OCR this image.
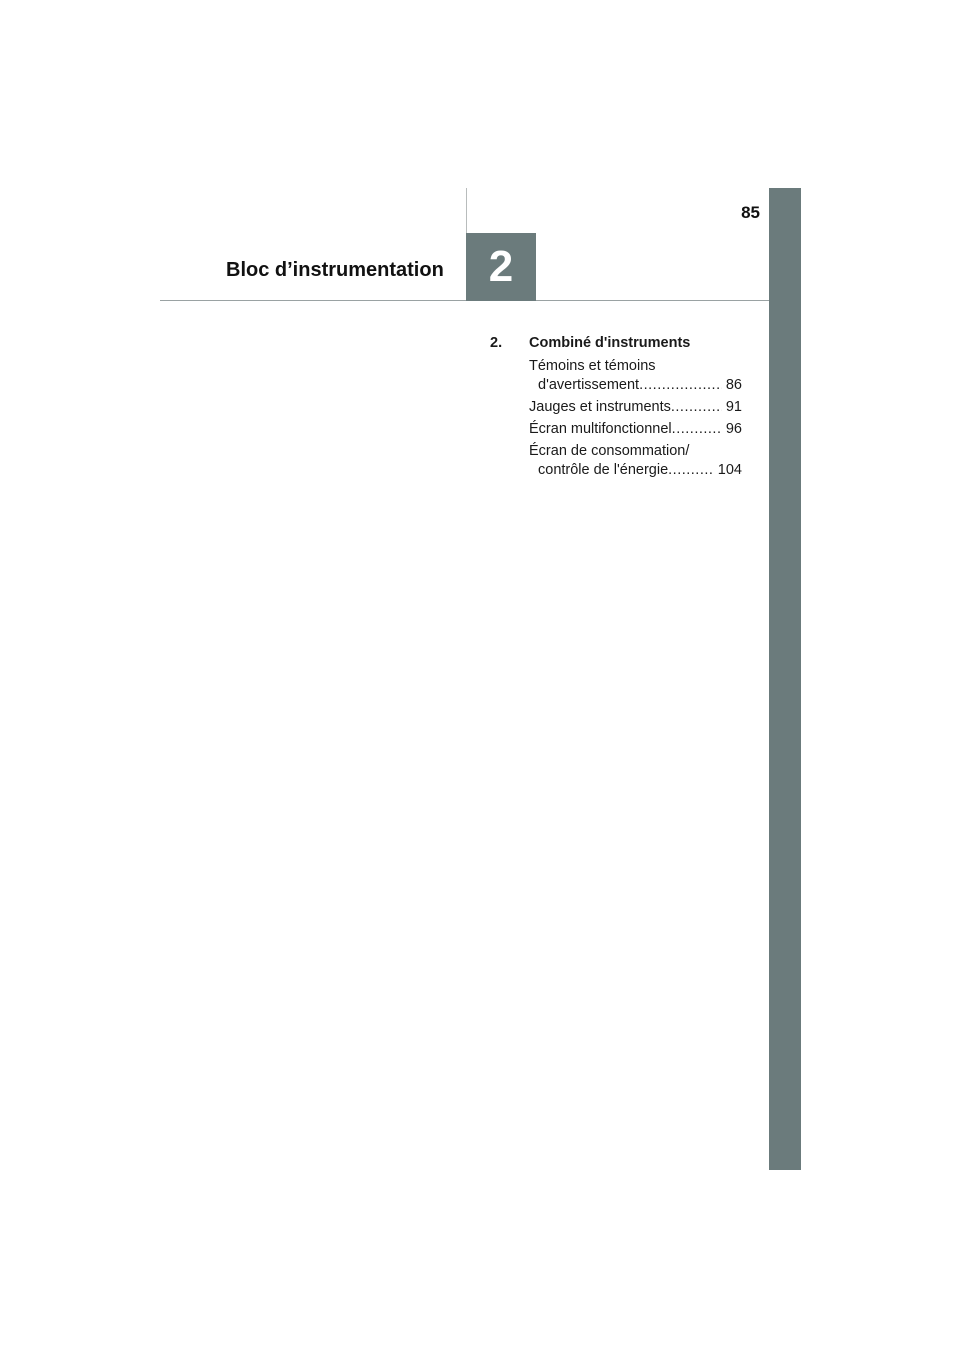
85
Bloc d’instrumentation	2
2.	Combiné d'instruments
Témoins et témoins
d'avertissement .....	86
Jauges et instruments .....	91
Écran multifonctionnel .....	96
Écran de consommation/
contrôle de l'énergie .....	104
